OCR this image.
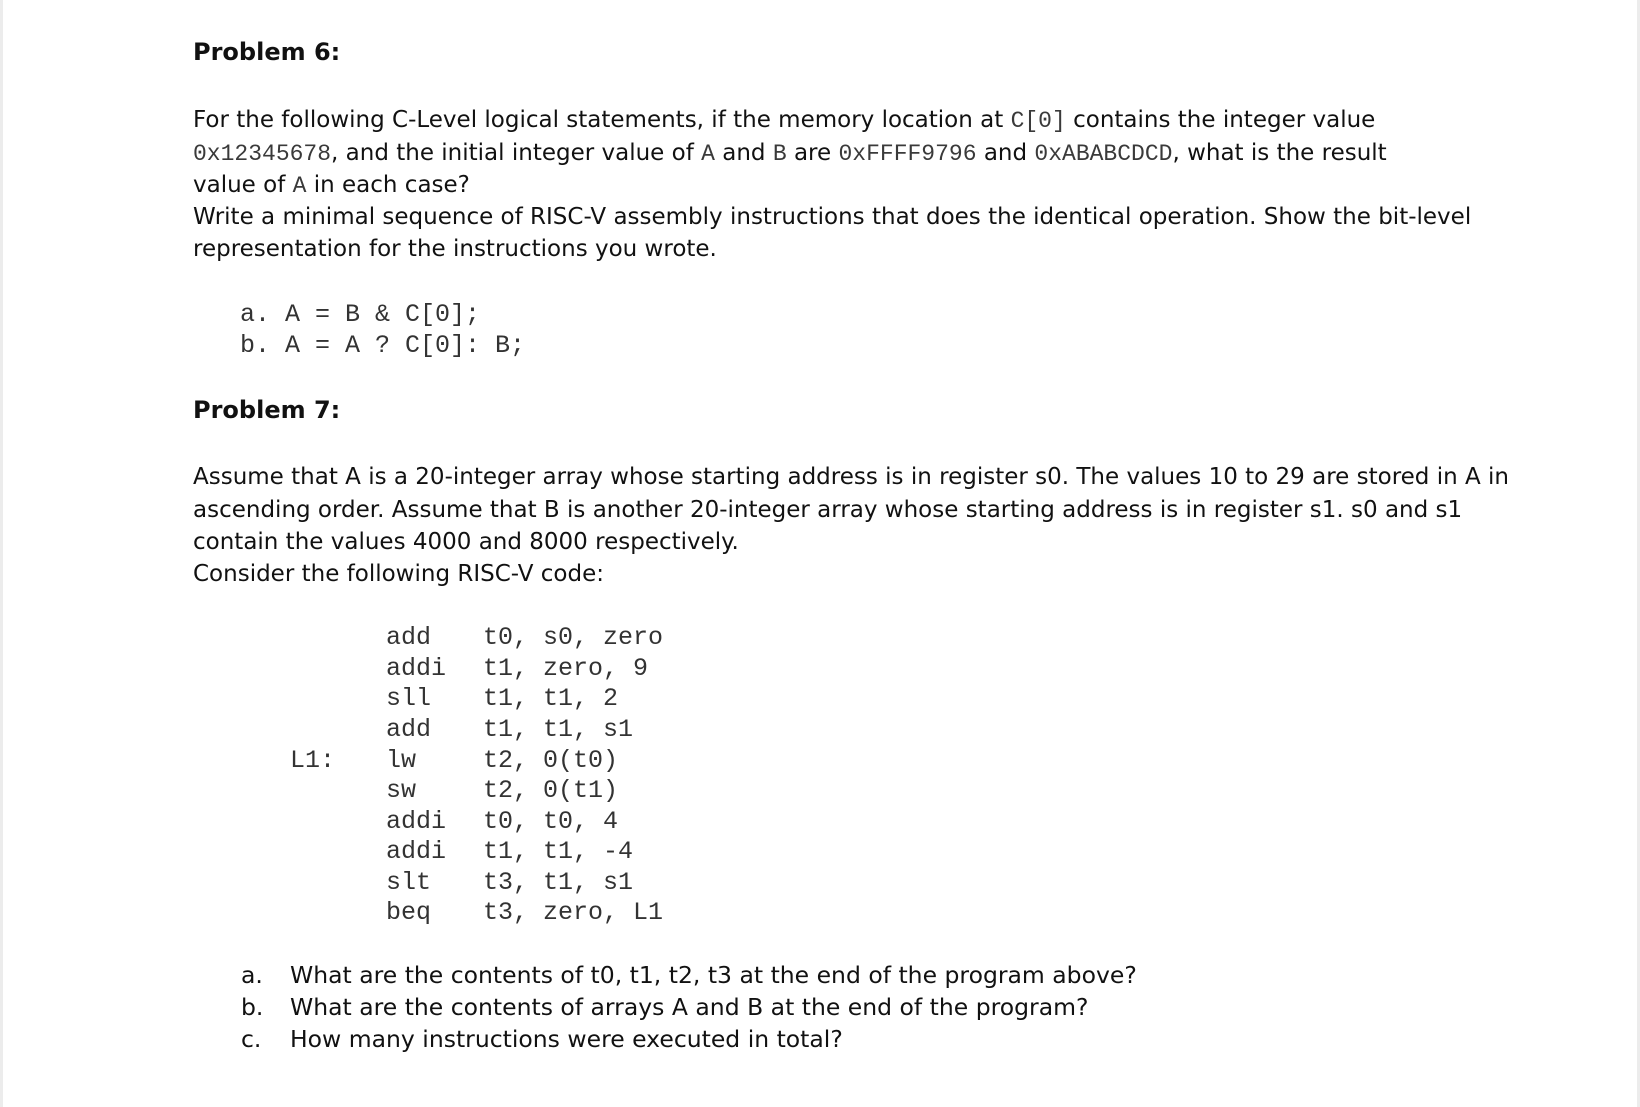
Problem 6:
For the following C-Level logical statements, if the memory location at C[0] contains the integer value
0x12345678, and the initial integer value of A and B are 0xFFFF9796 and 0xABABCDCD, what is the result
value of A in each case?
Write a minimal sequence of RISC-V assembly instructions that does the identical operation. Show the bit-level
representation for the instructions you wrote.
a. A = B & C[0];
b. A = A ? C[0]: B;
Problem 7:
Assume that A is a 20-integer array whose starting address is in register s0. The values 10 to 29 are stored in A in
ascending order. Assume that B is another 20-integer array whose starting address is in register s1. s0 and s1
contain the values 4000 and 8000 respectively.
Consider the following RISC-V code:
add t0, s0, zero
addi t1, zero, 9
sll t1, t1, 2
add t1, t1, s1
L1: lw	t2, 0(t0)
sw	t2, 0(t1)
addi t0, t0, 4
addi t1, t1, -4
slt t3, t1, s1
beq t3, zero, L1
a. What are the contents of t0, t1, t2, t3 at the end of the program above?
b. What are the contents of arrays A and B at the end of the program?
c. How many instructions were executed in total?
